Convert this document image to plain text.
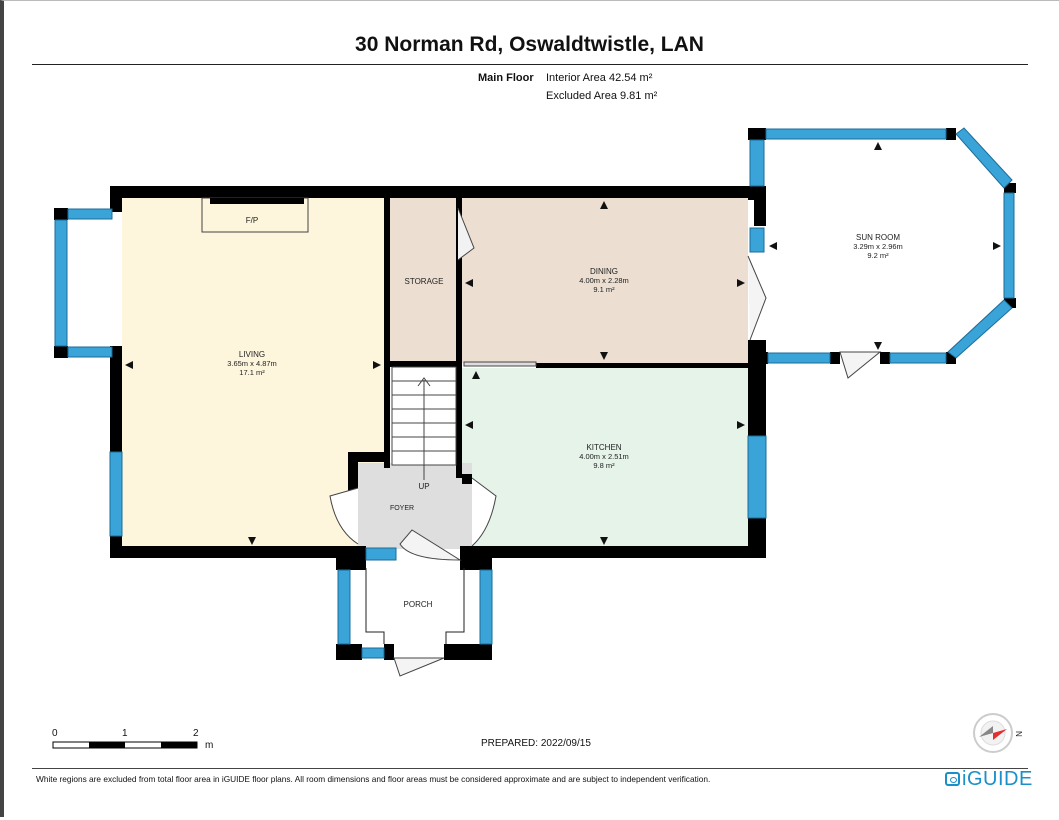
30 Norman Rd, Oswaldtwistle, LAN
Main Floor Interior Area 42.54 m²
Excluded Area 9.81 m²
F/P
LIVING
3.65m x 4.87m
17.1 m²
STORAGE
DINING
4.00m x 2.28m
9.1 m²
KITCHEN
4.00m x 2.51m
9.8 m²
SUN ROOM
3.29m x 2.96m
9.2 m²
UP
FOYER
PORCH
N
0	1	2
m	PREPARED: 2022/09/15
White regions are excluded from total floor area in iGUIDE floor plans. All room dimensions and floor areas must be considered approximate and are subject to independent verification.	iGUIDE
